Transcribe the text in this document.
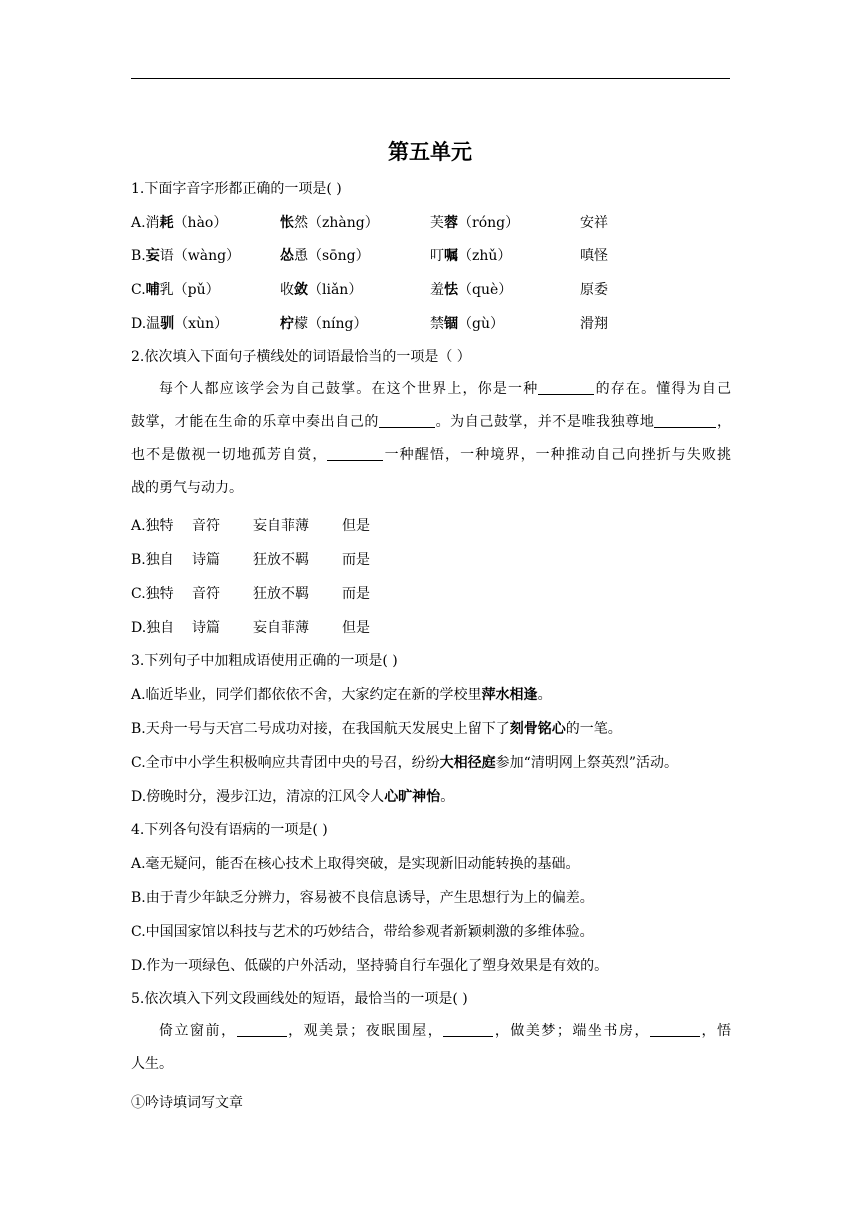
第五单元
1.下面字音字形都正确的一项是( )
A.消耗（hào）	怅然（zhàng）	芙蓉（róng）	安祥
B.妄语（wàng）	怂恿（sōng）	叮嘱（zhǔ）	嗔怪
C.哺乳（pǔ）	收敛（liǎn）	羞怯（què）	原委
D.温驯（xùn）	柠檬（níng）	禁锢（gù）	滑翔
2.依次填入下面句子横线处的词语最恰当的一项是（ ）

每个人都应该学会为自己鼓掌。在这个世界上，你是一种	的存在。懂得为自己

鼓掌，才能在生命的乐章中奏出自己的	。为自己鼓掌，并不是唯我独尊地	，

也不是傲视一切地孤芳自赏，	一种醒悟，一种境界，一种推动自己向挫折与失败挑

战的勇气与动力。

A.独特 音符 妄自菲薄 但是
B.独自 诗篇 狂放不羁 而是
C.独特 音符 狂放不羁 而是
D.独自 诗篇 妄自菲薄 但是
3.下列句子中加粗成语使用正确的一项是( )
A.临近毕业，同学们都依依不舍，大家约定在新的学校里萍水相逢。
B.天舟一号与天宫二号成功对接，在我国航天发展史上留下了刻骨铭心的一笔。
C.全市中小学生积极响应共青团中央的号召，纷纷大相径庭参加“清明网上祭英烈”活动。
D.傍晚时分，漫步江边，清凉的江风令人心旷神怡。
4.下列各句没有语病的一项是( )
A.毫无疑问，能否在核心技术上取得突破，是实现新旧动能转换的基础。
B.由于青少年缺乏分辨力，容易被不良信息诱导，产生思想行为上的偏差。
C.中国国家馆以科技与艺术的巧妙结合，带给参观者新颖刺激的多维体验。
D.作为一项绿色、低碳的户外活动，坚持骑自行车强化了塑身效果是有效的。
5.依次填入下列文段画线处的短语，最恰当的一项是( )

倚立窗前，	，观美景；夜眠围屋，	，做美梦；端坐书房，	，悟

人生。

①吟诗填词写文章
